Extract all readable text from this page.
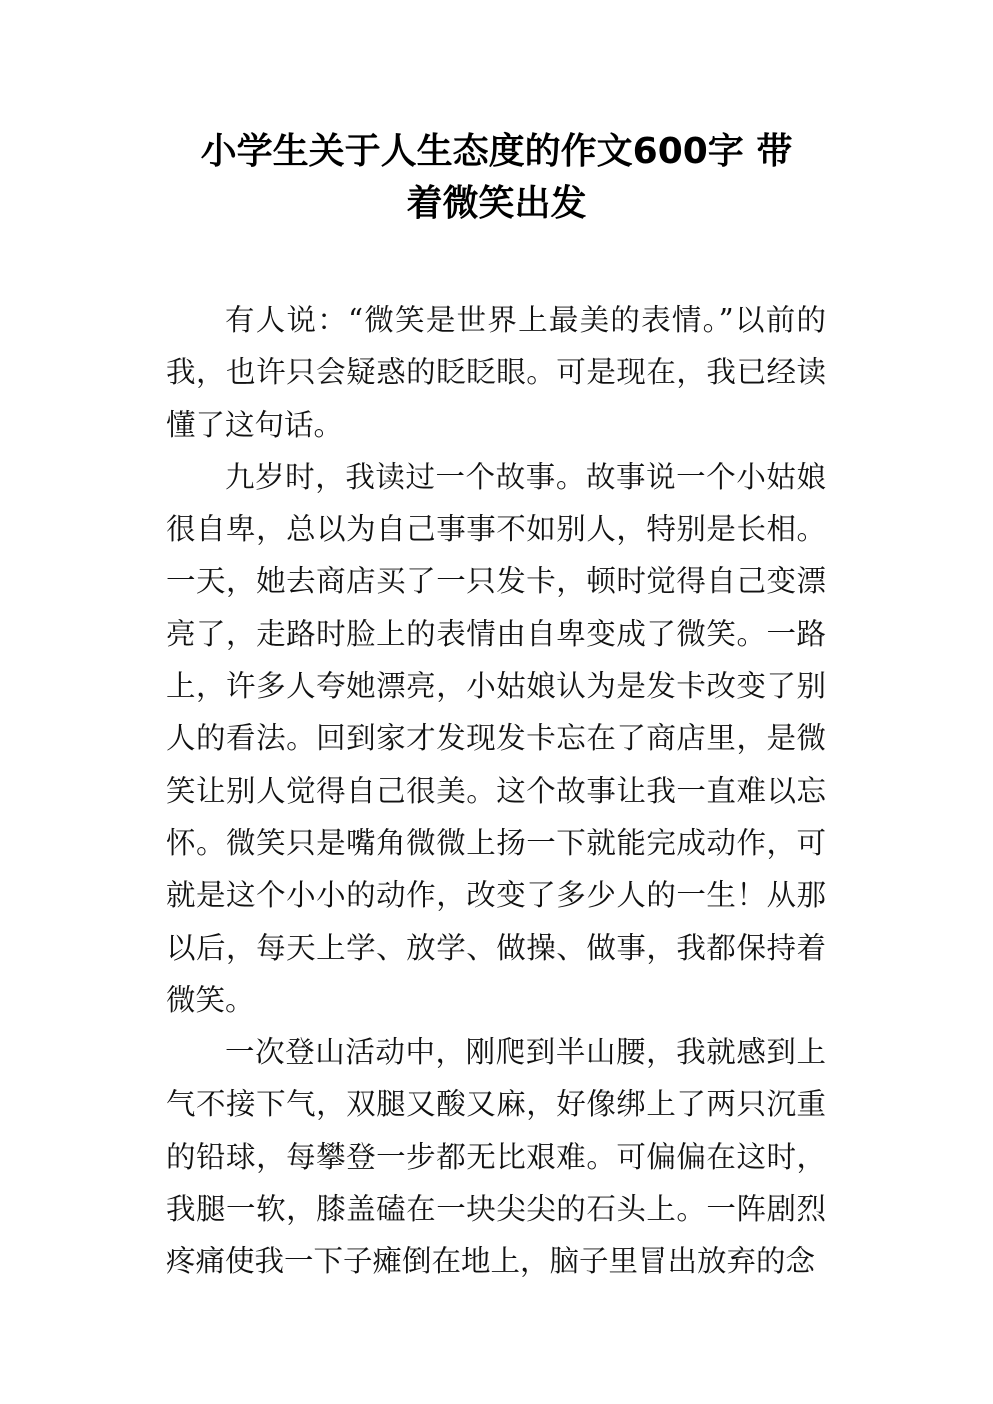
小学生关于人生态度的作文600字 带
着微笑出发

有人说：“微笑是世界上最美的表情。”以前的我，也许只会疑惑的眨眨眼。可是现在，我已经读懂了这句话。

九岁时，我读过一个故事。故事说一个小姑娘很自卑，总以为自己事事不如别人，特别是长相。一天，她去商店买了一只发卡，顿时觉得自己变漂亮了，走路时脸上的表情由自卑变成了微笑。一路上，许多人夸她漂亮，小姑娘认为是发卡改变了别人的看法。回到家才发现发卡忘在了商店里，是微笑让别人觉得自己很美。这个故事让我一直难以忘怀。微笑只是嘴角微微上扬一下就能完成动作，可就是这个小小的动作，改变了多少人的一生！从那以后，每天上学、放学、做操、做事，我都保持着微笑。

一次登山活动中，刚爬到半山腰，我就感到上气不接下气，双腿又酸又麻，好像绑上了两只沉重的铅球，每攀登一步都无比艰难。可偏偏在这时，我腿一软，膝盖磕在一块尖尖的石头上。一阵剧烈疼痛使我一下子瘫倒在地上，脑子里冒出放弃的念
